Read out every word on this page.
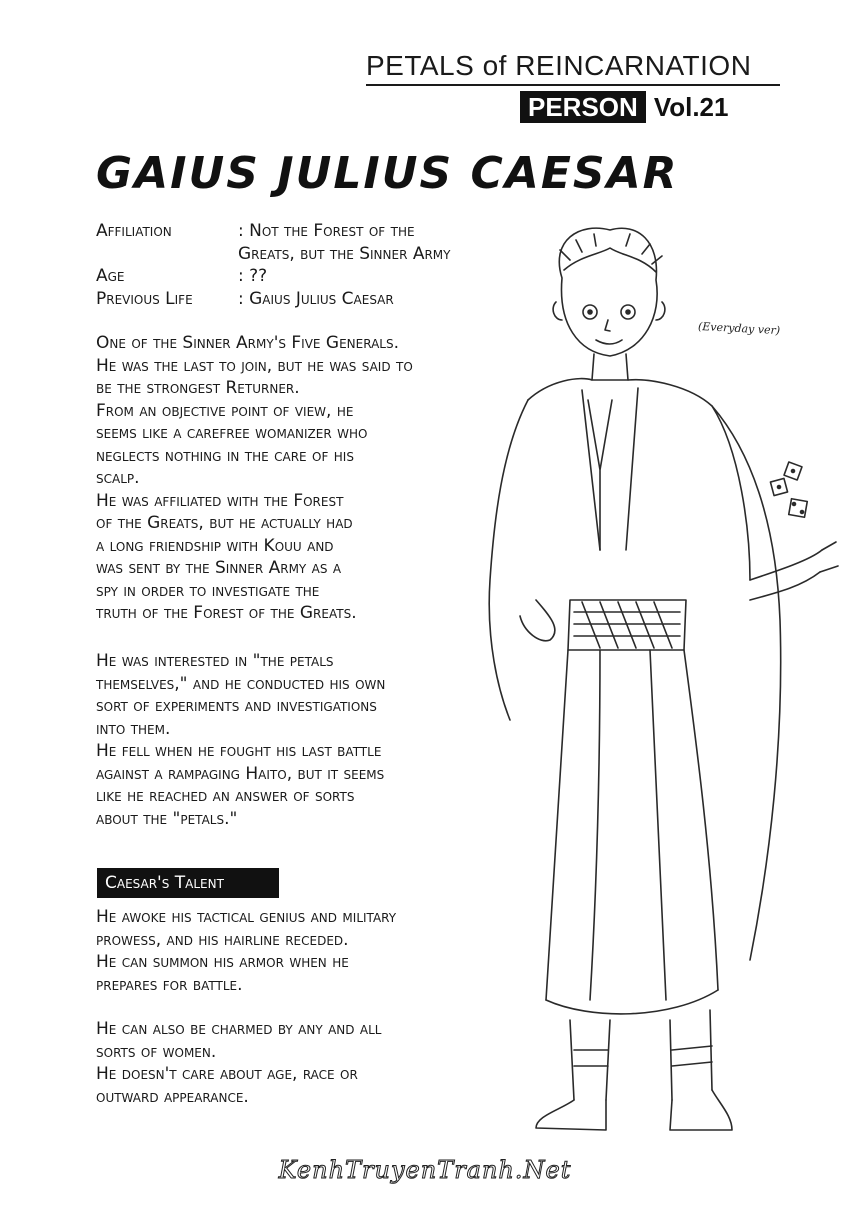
PETALS of REINCARNATION
PERSON Vol.21
GAIUS JULIUS CAESAR
Affiliation	: Not the Forest of the
Greats, but the Sinner Army
Age	: ??
Previous Life	: Gaius Julius Caesar

One of the Sinner Army's Five Generals.

He was the last to join, but he was said to

be the strongest Returner.

From an objective point of view, he

seems like a carefree womanizer who

neglects nothing in the care of his

scalp.

He was affiliated with the Forest

of the Greats, but he actually had

a long friendship with Kouu and

was sent by the Sinner Army as a

spy in order to investigate the

truth of the Forest of the Greats.

He was interested in "the petals

themselves," and he conducted his own

sort of experiments and investigations

into them.

He fell when he fought his last battle

against a rampaging Haito, but it seems

like he reached an answer of sorts

about the "petals."

Caesar's Talent

He awoke his tactical genius and military

prowess, and his hairline receded.

He can summon his armor when he

prepares for battle.

He can also be charmed by any and all

sorts of women.

He doesn't care about age, race or

outward appearance.

(Everyday ver)
KenhTruyenTranh.Net
